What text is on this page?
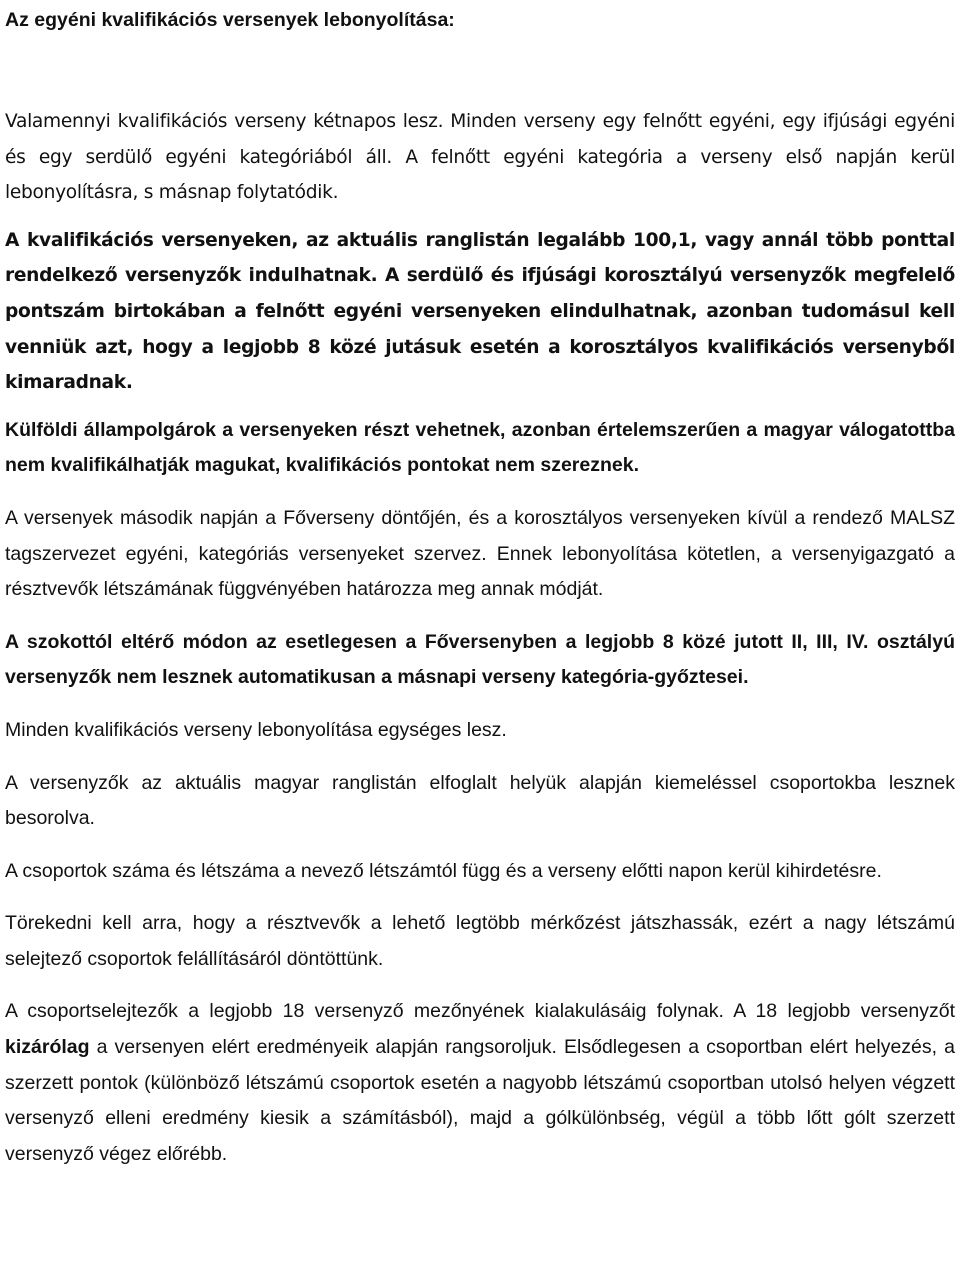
Az egyéni kvalifikációs versenyek lebonyolítása:

Valamennyi kvalifikációs verseny kétnapos lesz. Minden verseny egy felnőtt egyéni, egy ifjúsági egyéni és egy serdülő egyéni kategóriából áll. A felnőtt egyéni kategória a verseny első napján kerül lebonyolításra, s másnap folytatódik.

A kvalifikációs versenyeken, az aktuális ranglistán legalább 100,1, vagy annál több ponttal rendelkező versenyzők indulhatnak. A serdülő és ifjúsági korosztályú versenyzők megfelelő pontszám birtokában a felnőtt egyéni versenyeken elindulhatnak, azonban tudomásul kell venniük azt, hogy a legjobb 8 közé jutásuk esetén a korosztályos kvalifikációs versenyből kimaradnak.

Külföldi állampolgárok a versenyeken részt vehetnek, azonban értelemszerűen a magyar válogatottba nem kvalifikálhatják magukat, kvalifikációs pontokat nem szereznek.

A versenyek második napján a Főverseny döntőjén, és a korosztályos versenyeken kívül a rendező MALSZ tagszervezet egyéni, kategóriás versenyeket szervez. Ennek lebonyolítása kötetlen, a versenyigazgató a résztvevők létszámának függvényében határozza meg annak módját.

A szokottól eltérő módon az esetlegesen a Főversenyben a legjobb 8 közé jutott II, III, IV. osztályú versenyzők nem lesznek automatikusan a másnapi verseny kategória-győztesei.

Minden kvalifikációs verseny lebonyolítása egységes lesz.

A versenyzők az aktuális magyar ranglistán elfoglalt helyük alapján kiemeléssel csoportokba lesznek besorolva.

A csoportok száma és létszáma a nevező létszámtól függ és a verseny előtti napon kerül kihirdetésre.

Törekedni kell arra, hogy a résztvevők a lehető legtöbb mérkőzést játszhassák, ezért a nagy létszámú selejtező csoportok felállításáról döntöttünk.

A csoportselejtezők a legjobb 18 versenyző mezőnyének kialakulásáig folynak. A 18 legjobb versenyzőt kizárólag a versenyen elért eredményeik alapján rangsoroljuk. Elsődlegesen a csoportban elért helyezés, a szerzett pontok (különböző létszámú csoportok esetén a nagyobb létszámú csoportban utolsó helyen végzett versenyző elleni eredmény kiesik a számításból), majd a gólkülönbség, végül a több lőtt gólt szerzett versenyző végez előrébb.
